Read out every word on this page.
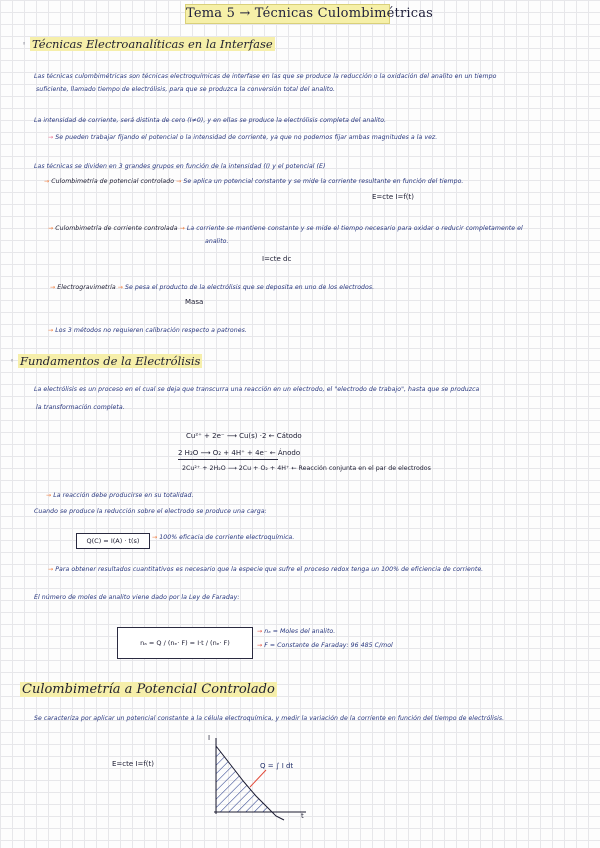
Tema 5 → Técnicas Culombimétricas
◦ Técnicas Electroanalíticas en la Interfase
Las técnicas culombimétricas son técnicas electroquímicas de interfase en las que se produce la reducción o la oxidación del analito en un tiempo
suficiente, llamado tiempo de electrólisis, para que se produzca la conversión total del analito.
La intensidad de corriente, será distinta de cero (I≠0), y en ellas se produce la electrólisis completa del analito.
→ Se pueden trabajar fijando el potencial o la intensidad de corriente, ya que no podemos fijar ambas magnitudes a la vez.
Las técnicas se dividen en 3 grandes grupos en función de la intensidad (I) y el potencial (E)
→ Culombimetría de potencial controlado → Se aplica un potencial constante y se mide la corriente resultante en función del tiempo.
E=cte I=f(t)
→ Culombimetría de corriente controlada → La corriente se mantiene constante y se mide el tiempo necesario para oxidar o reducir completamente el
analito.
I=cte dc
→ Electrogravimetría → Se pesa el producto de la electrólisis que se deposita en uno de los electrodos.
Masa
→ Los 3 métodos no requieren calibración respecto a patrones.
◦ Fundamentos de la Electrólisis
La electrólisis es un proceso en el cual se deja que transcurra una reacción en un electrodo, el "electrodo de trabajo", hasta que se produzca
la transformación completa.
Cu²⁺ + 2e⁻ ⟶ Cu(s) ·2 ← Cátodo
2 H₂O ⟶ O₂ + 4H⁺ + 4e⁻ ← Ánodo
2Cu²⁺ + 2H₂O ⟶ 2Cu + O₂ + 4H⁺ ← Reacción conjunta en el par de electrodos
→ La reacción debe producirse en su totalidad.
Cuando se produce la reducción sobre el electrodo se produce una carga:
Q(C) = I(A) · t(s)	→ 100% eficacia de corriente electroquímica.
→ Para obtener resultados cuantitativos es necesario que la especie que sufre el proceso redox tenga un 100% de eficiencia de corriente.
El número de moles de analito viene dado por la Ley de Faraday:
nₐ = Q / (nₑ· F) = I·t / (nₑ· F)
→ nₐ = Moles del analito.
→ F = Constante de Faraday: 96 485 C/mol
Culombimetría a Potencial Controlado
Se caracteriza por aplicar un potencial constante a la célula electroquímica, y medir la variación de la corriente en función del tiempo de electrólisis.
E=cte I=f(t)
I
t
Q = ∫ I dt
